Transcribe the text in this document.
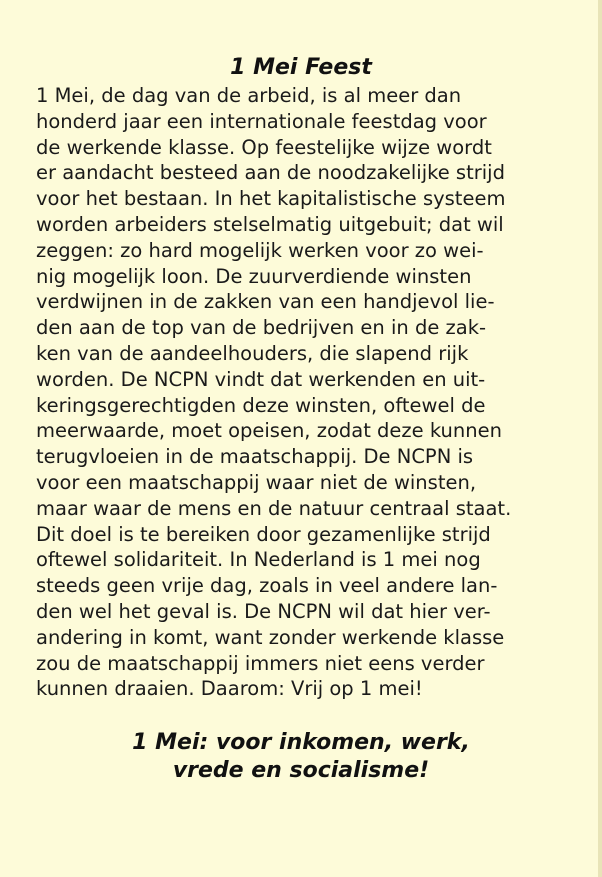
1 Mei Feest
1 Mei, de dag van de arbeid, is al meer dan
honderd jaar een internationale feestdag voor
de werkende klasse. Op feestelijke wijze wordt
er aandacht besteed aan de noodzakelijke strijd
voor het bestaan. In het kapitalistische systeem
worden arbeiders stelselmatig uitgebuit; dat wil
zeggen: zo hard mogelijk werken voor zo wei-
nig mogelijk loon. De zuurverdiende winsten
verdwijnen in de zakken van een handjevol lie-
den aan de top van de bedrijven en in de zak-
ken van de aandeelhouders, die slapend rijk
worden. De NCPN vindt dat werkenden en uit-
keringsgerechtigden deze winsten, oftewel de
meerwaarde, moet opeisen, zodat deze kunnen
terugvloeien in de maatschappij. De NCPN is
voor een maatschappij waar niet de winsten,
maar waar de mens en de natuur centraal staat.
Dit doel is te bereiken door gezamenlijke strijd
oftewel solidariteit. In Nederland is 1 mei nog
steeds geen vrije dag, zoals in veel andere lan-
den wel het geval is. De NCPN wil dat hier ver-
andering in komt, want zonder werkende klasse
zou de maatschappij immers niet eens verder
kunnen draaien. Daarom: Vrij op 1 mei!
1 Mei: voor inkomen, werk,
vrede en socialisme!
